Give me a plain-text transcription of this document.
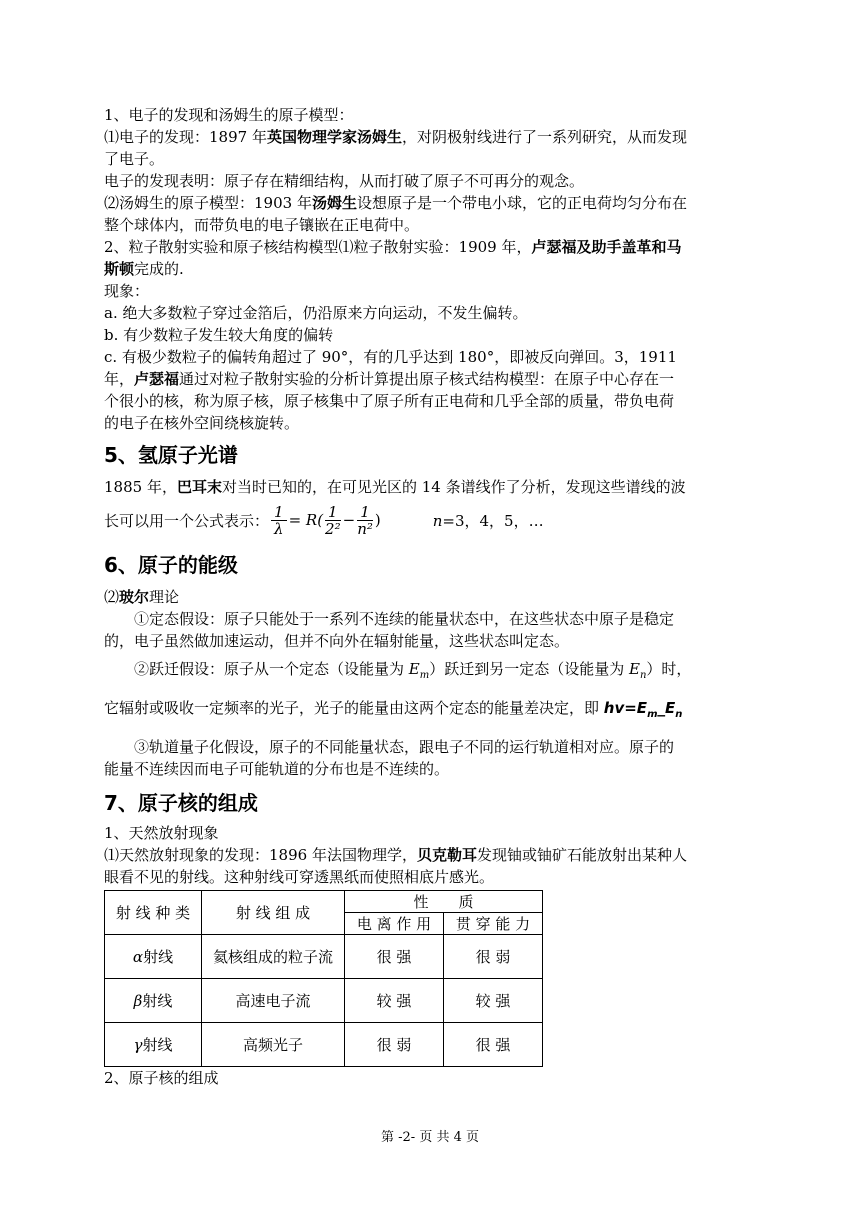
1、电子的发现和汤姆生的原子模型：

⑴电子的发现：1897 年英国物理学家汤姆生，对阴极射线进行了一系列研究，从而发现

了电子。

电子的发现表明：原子存在精细结构，从而打破了原子不可再分的观念。

⑵汤姆生的原子模型：1903 年汤姆生设想原子是一个带电小球，它的正电荷均匀分布在

整个球体内，而带负电的电子镶嵌在正电荷中。

2、粒子散射实验和原子核结构模型⑴粒子散射实验：1909 年，卢瑟福及助手盖革和马

斯顿完成的.

现象：

a. 绝大多数粒子穿过金箔后，仍沿原来方向运动，不发生偏转。

b. 有少数粒子发生较大角度的偏转

c. 有极少数粒子的偏转角超过了 90°，有的几乎达到 180°，即被反向弹回。3，1911

年，卢瑟福通过对粒子散射实验的分析计算提出原子核式结构模型：在原子中心存在一

个很小的核，称为原子核，原子核集中了原子所有正电荷和几乎全部的质量，带负电荷

的电子在核外空间绕核旋转。

5、氢原子光谱

1885 年，巴耳末对当时已知的，在可见光区的 14 条谱线作了分析，发现这些谱线的波

长可以用一个公式表示： $\frac{1}{\lambda} = R( \frac{1}{\text{2²}} - \frac{1}{\text{n²}}$ )	n=3，4，5，…
6、原子的能级

⑵玻尔理论

①定态假设：原子只能处于一系列不连续的能量状态中，在这些状态中原子是稳定

的，电子虽然做加速运动，但并不向外在辐射能量，这些状态叫定态。

②跃迁假设：原子从一个定态（设能量为 $E_m$）跃迁到另一定态（设能量为 $E_n$）时，

它辐射或吸收一定频率的光子，光子的能量由这两个定态的能量差决定，即 $hv=E_m\_E_n$

③轨道量子化假设，原子的不同能量状态，跟电子不同的运行轨道相对应。原子的

能量不连续因而电子可能轨道的分布也是不连续的。

7、原子核的组成

1、天然放射现象

⑴天然放射现象的发现：1896 年法国物理学，贝克勒耳发现铀或铀矿石能放射出某种人

眼看不见的射线。这种射线可穿透黑纸而使照相底片感光。

射 线 种 类	射 线 组 成	性　　质	
		电 离 作 用	贯 穿 能 力
α射线	氦核组成的粒子流	很 强	很 弱
β射线	高速电子流	较 强	较 强
γ射线	高频光子	很 弱	很 强

2、原子核的组成

第 -2- 页 共 4 页
